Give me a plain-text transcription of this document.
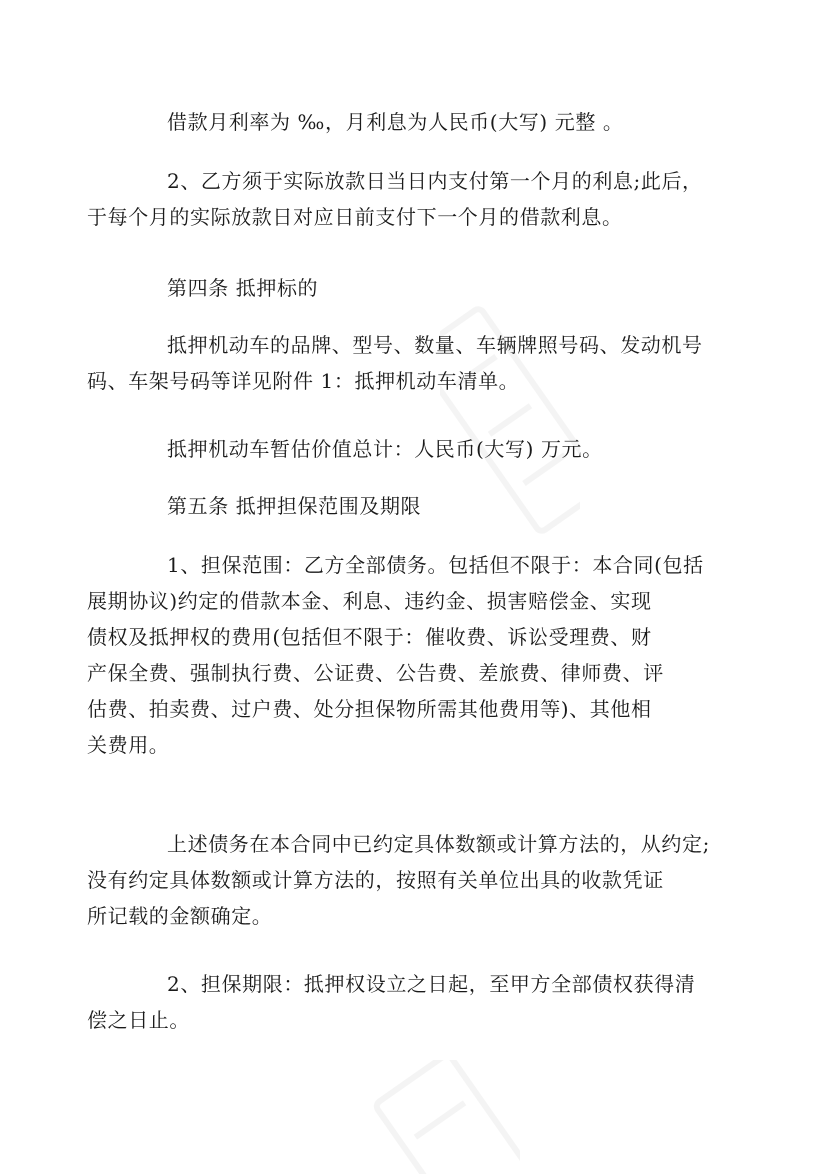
借款月利率为 ‰，月利息为人民币(大写) 元整 。
2、乙方须于实际放款日当日内支付第一个月的利息;此后，
于每个月的实际放款日对应日前支付下一个月的借款利息。
第四条 抵押标的
抵押机动车的品牌、型号、数量、车辆牌照号码、发动机号
码、车架号码等详见附件 1：抵押机动车清单。
抵押机动车暂估价值总计：人民币(大写) 万元。
第五条 抵押担保范围及期限
1、担保范围：乙方全部债务。包括但不限于：本合同(包括
展期协议)约定的借款本金、利息、违约金、损害赔偿金、实现
债权及抵押权的费用(包括但不限于：催收费、诉讼受理费、财
产保全费、强制执行费、公证费、公告费、差旅费、律师费、评
估费、拍卖费、过户费、处分担保物所需其他费用等)、其他相
关费用。
上述债务在本合同中已约定具体数额或计算方法的，从约定;
没有约定具体数额或计算方法的，按照有关单位出具的收款凭证
所记载的金额确定。
2、担保期限：抵押权设立之日起，至甲方全部债权获得清
偿之日止。
